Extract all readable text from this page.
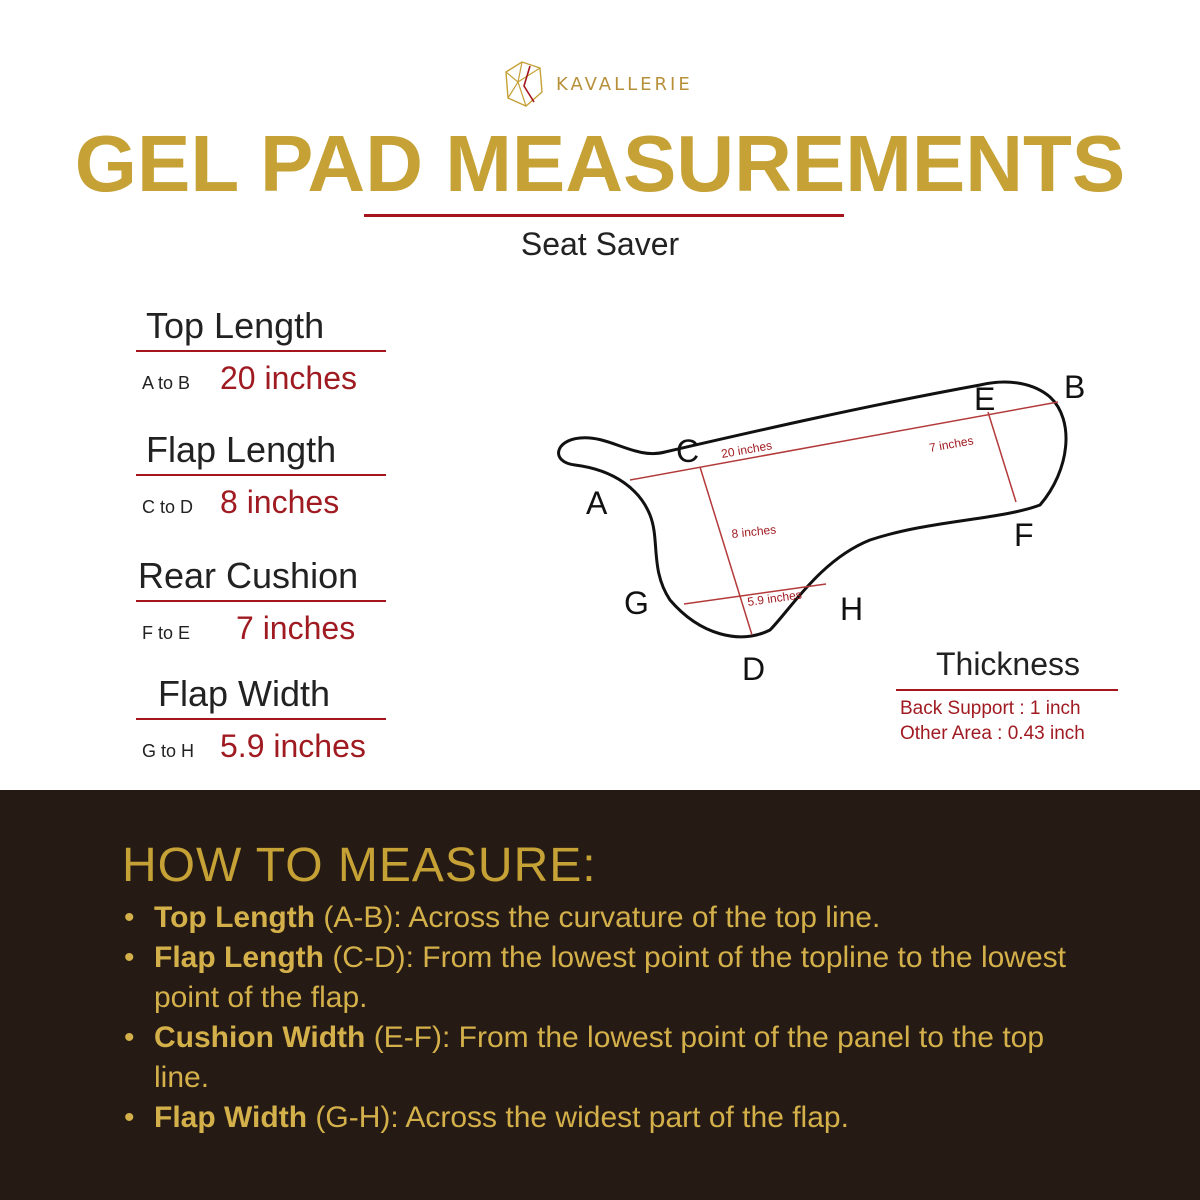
KAVALLERIE
GEL PAD MEASUREMENTS
Seat Saver
Top Length
A to B 20 inches
Flap Length
C to D 8 inches
Rear Cushion
F to E 7 inches
Flap Width
G to H 5.9 inches
A
B
C
D
E
F
G	H
20 inches	7 inches
8 inches
5.9 inches
Thickness
Back Support : 1 inch
Other Area : 0.43 inch
HOW TO MEASURE:
• Top Length (A-B): Across the curvature of the top line.
• Flap Length (C-D): From the lowest point of the topline to the lowest point of the flap.
• Cushion Width (E-F): From the lowest point of the panel to the top line.
• Flap Width (G-H): Across the widest part of the flap.
